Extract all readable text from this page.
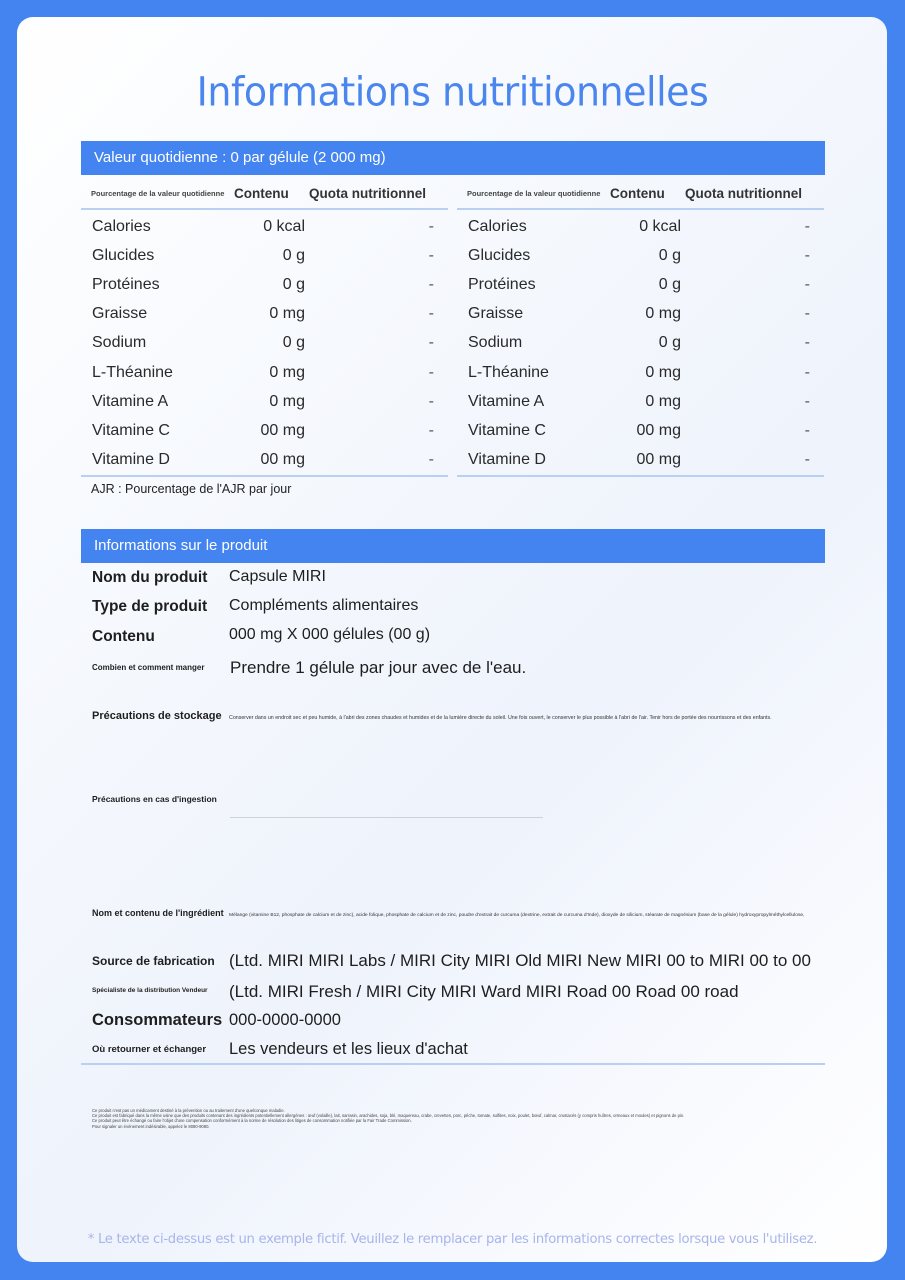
Informations nutritionnelles
Valeur quotidienne : 0 par gélule (2 000 mg)
Pourcentage de la valeur quotidienne Contenu	Quota nutritionnel
Calories	0 kcal	-
Glucides	0 g	-
Protéines	0 g	-
Graisse	0 mg	-
Sodium	0 g	-
L-Théanine	0 mg	-
Vitamine A	0 mg	-
Vitamine C	00 mg	-
Vitamine D	00 mg	-
Pourcentage de la valeur quotidienne Contenu	Quota nutritionnel
Calories	0 kcal	-
Glucides	0 g	-
Protéines	0 g	-
Graisse	0 mg	-
Sodium	0 g	-
L-Théanine	0 mg	-
Vitamine A	0 mg	-
Vitamine C	00 mg	-
Vitamine D	00 mg	-
AJR : Pourcentage de l'AJR par jour
Informations sur le produit
Nom du produit Capsule MIRI
Type de produit Compléments alimentaires
Contenu	000 mg X 000 gélules (00 g)
Combien et comment manger Prendre 1 gélule par jour avec de l'eau.
Précautions de stockage Conserver dans un endroit sec et peu humide, à l'abri des zones chaudes et humides et de la lumière directe du soleil. Une fois ouvert, le conserver le plus possible à l'abri de l'air. Tenir hors de portée des nourrissons et des enfants.
Précautions en cas d'ingestion
Nom et contenu de l'ingrédient Mélange (vitamine B12, phosphate de calcium et de zinc), acide folique, phosphate de calcium et de zinc, poudre d'extrait de curcuma (dextrine, extrait de curcuma d'Inde), dioxyde de silicium, stéarate de magnésium (base de la gélule) hydroxypropylméthylcellulose,
Source de fabrication (Ltd. MIRI MIRI Labs / MIRI City MIRI Old MIRI New MIRI 00 to MIRI 00 to 00
Spécialiste de la distribution Vendeur (Ltd. MIRI Fresh / MIRI City MIRI Ward MIRI Road 00 Road 00 road
Consommateurs 000-0000-0000
Où retourner et échanger Les vendeurs et les lieux d'achat
Ce produit n'est pas un médicament destiné à la prévention ou au traitement d'une quelconque maladie.
Ce produit est fabriqué dans la même usine que des produits contenant des ingrédients potentiellement allergènes : œuf (volaille), lait, sarrasin, arachides, soja, blé, maquereau, crabe, crevettes, porc, pêche, tomate, sulfites, noix, poulet, bœuf, calmar, crustacés (y compris huîtres, ormeaux et moules) et pignons de pin.
Ce produit peut être échangé ou faire l'objet d'une compensation conformément à la norme de résolution des litiges de consommation notifiée par la Fair Trade Commission.
Pour signaler un événement indésirable, appelez le 8080-9080.
* Le texte ci-dessus est un exemple fictif. Veuillez le remplacer par les informations correctes lorsque vous l'utilisez.
